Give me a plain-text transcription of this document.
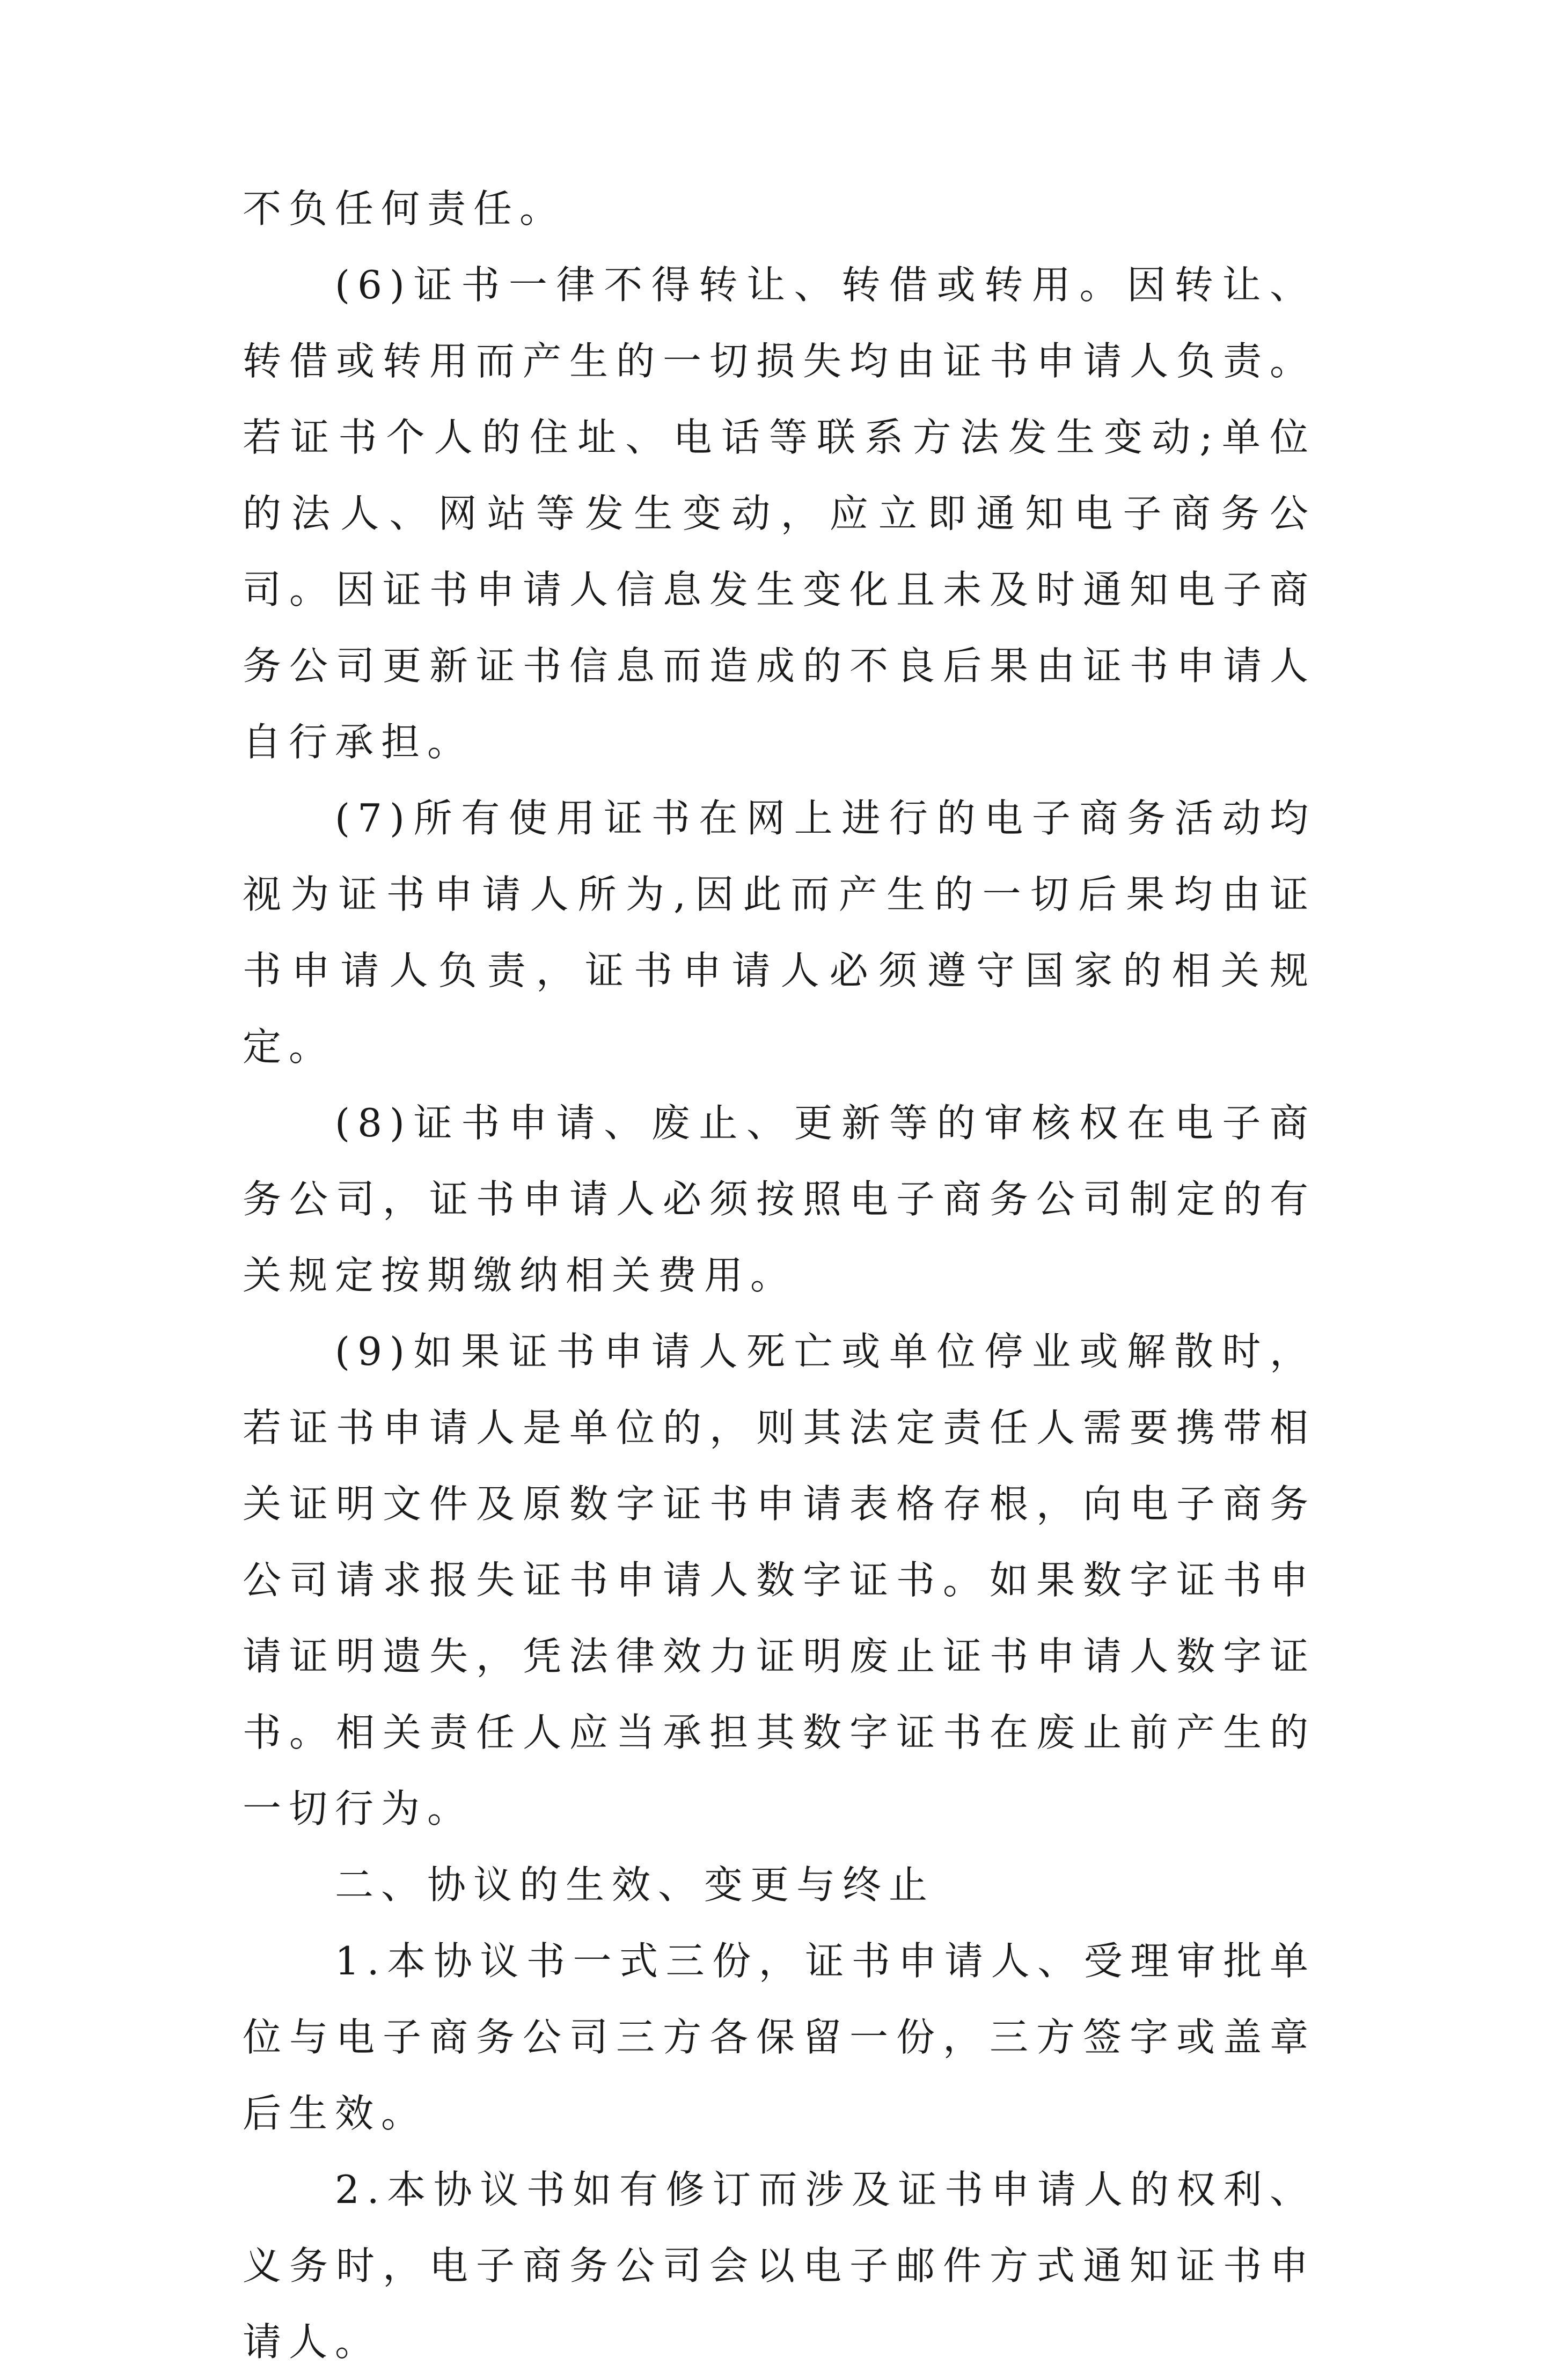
不负任何责任。

(6)证书一律不得转让、转借或转用。因转让、转借或转用而产生的一切损失均由证书申请人负责。若证书个人的住址、电话等联系方法发生变动;单位的法人、网站等发生变动，应立即通知电子商务公司。因证书申请人信息发生变化且未及时通知电子商务公司更新证书信息而造成的不良后果由证书申请人自行承担。

(7)所有使用证书在网上进行的电子商务活动均视为证书申请人所为,因此而产生的一切后果均由证书申请人负责，证书申请人必须遵守国家的相关规定。

(8)证书申请、废止、更新等的审核权在电子商务公司，证书申请人必须按照电子商务公司制定的有关规定按期缴纳相关费用。

(9)如果证书申请人死亡或单位停业或解散时，若证书申请人是单位的，则其法定责任人需要携带相关证明文件及原数字证书申请表格存根，向电子商务公司请求报失证书申请人数字证书。如果数字证书申请证明遗失，凭法律效力证明废止证书申请人数字证书。相关责任人应当承担其数字证书在废止前产生的一切行为。

二、协议的生效、变更与终止

1.本协议书一式三份，证书申请人、受理审批单位与电子商务公司三方各保留一份，三方签字或盖章后生效。

2.本协议书如有修订而涉及证书申请人的权利、义务时，电子商务公司会以电子邮件方式通知证书申请人。
